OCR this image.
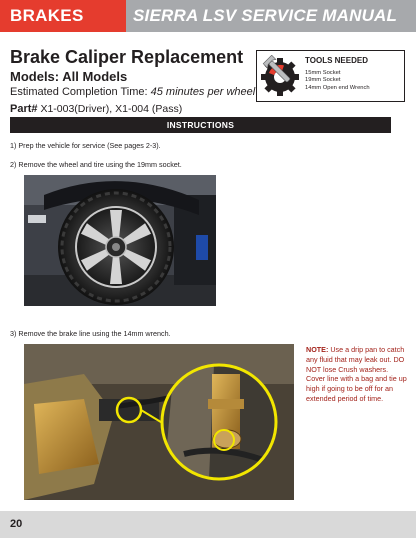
BRAKES	SIERRA LSV SERVICE MANUAL
Brake Caliper Replacement
Models: All Models
Estimated Completion Time: 45 minutes per wheel
Part# X1-003(Driver), X1-004 (Pass)
TOOLS NEEDED
15mm Socket
19mm Socket
14mm Open end Wrench
INSTRUCTIONS
1) Prep the vehicle for service (See pages 2-3).
2) Remove the wheel and tire using the 19mm socket.
3) Remove the brake line using the 14mm wrench.
NOTE: Use a drip pan to catch any fluid that may leak out. DO NOT lose Crush washers. Cover line with a bag and tie up high if going to be off for an extended period of time.
20
